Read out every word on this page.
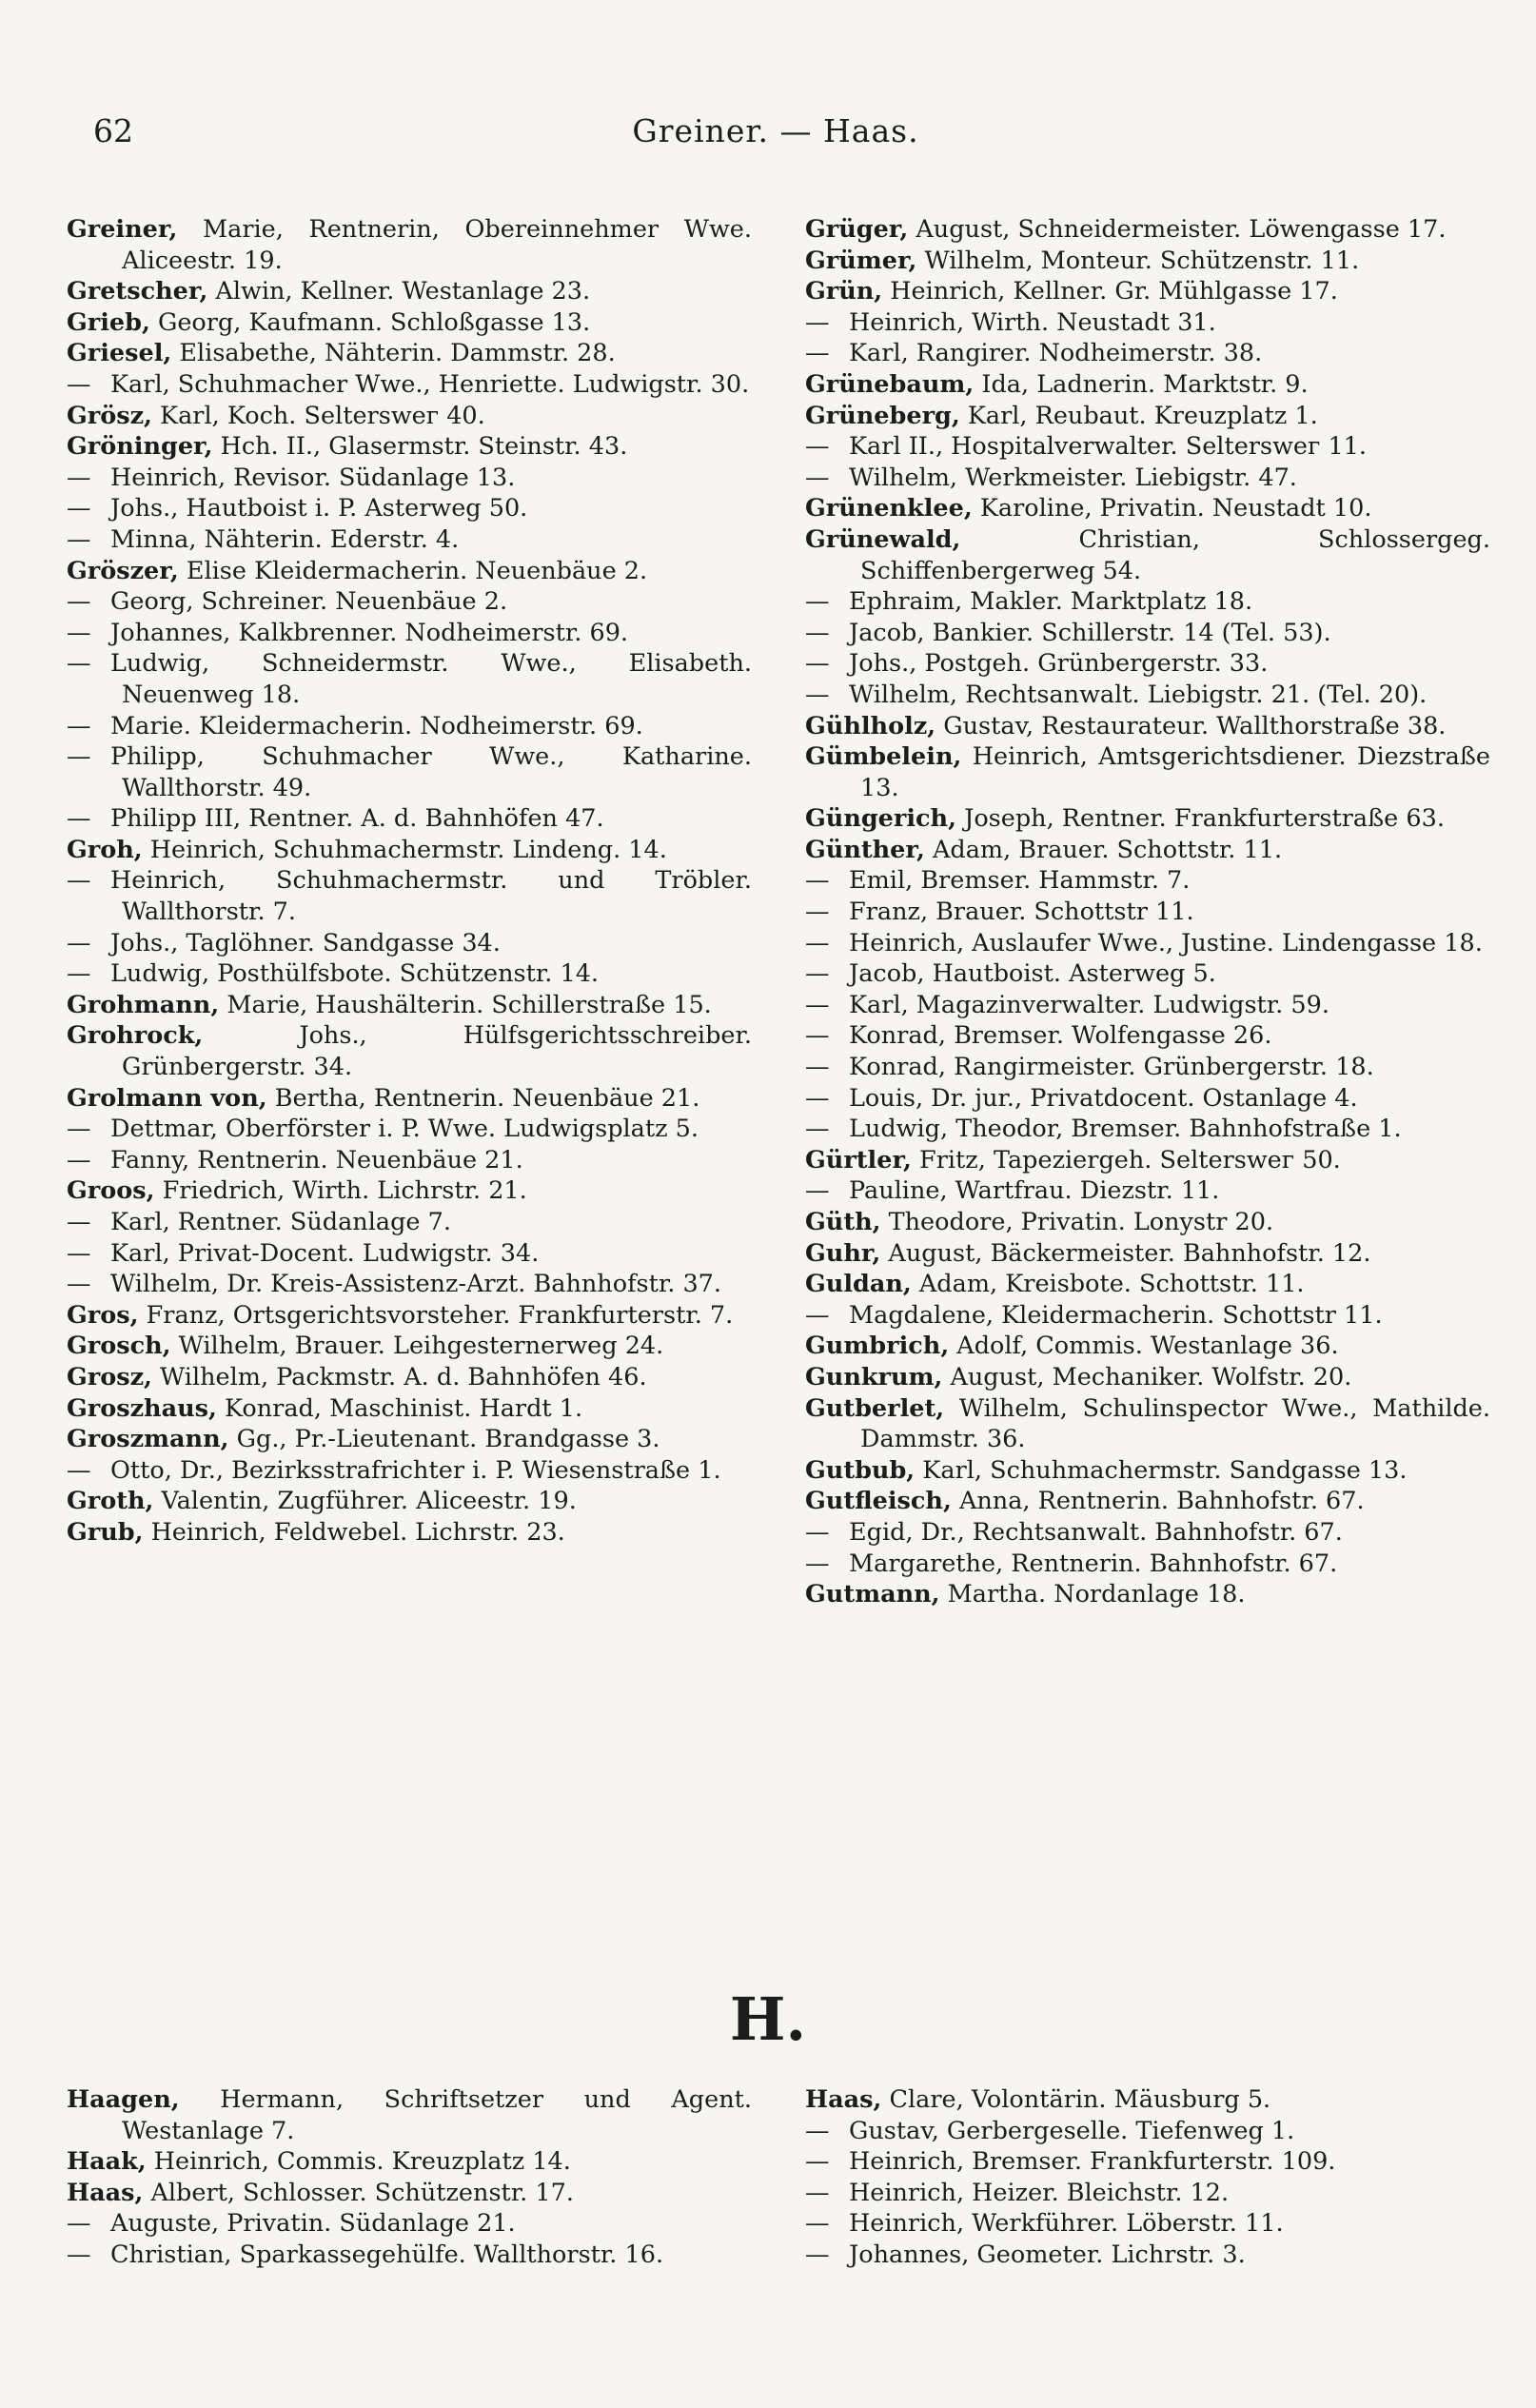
62	Greiner. — Haas.
Greiner, Marie, Rentnerin, Obereinnehmer Wwe. Aliceestr. 19.
Gretscher, Alwin, Kellner. Westanlage 23.
Grieb, Georg, Kaufmann. Schloßgasse 13.
Griesel, Elisabethe, Nähterin. Dammstr. 28.
— Karl, Schuhmacher Wwe., Henriette. Ludwigstr. 30.
Grösz, Karl, Koch. Selterswег 40.
Gröninger, Hch. II., Glasermstr. Steinstr. 43.
— Heinrich, Revisor. Südanlage 13.
— Johs., Hautboist i. P. Asterweg 50.
— Minna, Nähterin. Ederstr. 4.
Gröszer, Elise Kleidermacherin. Neuenbäue 2.
— Georg, Schreiner. Neuenbäue 2.
— Johannes, Kalkbrenner. Nodheimerstr. 69.
— Ludwig, Schneidermstr. Wwe., Elisabeth. Neuenweg 18.
— Marie. Kleidermacherin. Nodheimerstr. 69.
— Philipp, Schuhmacher Wwe., Katharine. Wallthorstr. 49.
— Philipp III, Rentner. A. d. Bahnhöfen 47.
Groh, Heinrich, Schuhmachermstr. Lindeng. 14.
— Heinrich, Schuhmachermstr. und Tröbler. Wallthorstr. 7.
— Johs., Taglöhner. Sandgasse 34.
— Ludwig, Posthülfsbote. Schützenstr. 14.
Grohmann, Marie, Haushälterin. Schillerstraße 15.
Grohrock, Johs., Hülfsgerichtsschreiber. Grünbergerstr. 34.
Grolmann von, Bertha, Rentnerin. Neuenbäue 21.
— Dettmar, Oberförster i. P. Wwe. Ludwigsplatz 5.
— Fanny, Rentnerin. Neuenbäue 21.
Groos, Friedrich, Wirth. Lichrstr. 21.
— Karl, Rentner. Südanlage 7.
— Karl, Privat-Docent. Ludwigstr. 34.
— Wilhelm, Dr. Kreis-Assistenz-Arzt. Bahnhofstr. 37.
Gros, Franz, Ortsgerichtsvorsteher. Frankfurterstr. 7.
Grosch, Wilhelm, Brauer. Leihgesternerweg 24.
Grosz, Wilhelm, Packmstr. A. d. Bahnhöfen 46.
Groszhaus, Konrad, Maschinist. Hardt 1.
Groszmann, Gg., Pr.-Lieutenant. Brandgasse 3.
— Otto, Dr., Bezirksstrafrichter i. P. Wiesenstraße 1.
Groth, Valentin, Zugführer. Aliceestr. 19.
Grub, Heinrich, Feldwebel. Lichrstr. 23.
Grüger, August, Schneidermeister. Löwengasse 17.
Grümer, Wilhelm, Monteur. Schützenstr. 11.
Grün, Heinrich, Kellner. Gr. Mühlgasse 17.
— Heinrich, Wirth. Neustadt 31.
— Karl, Rangirer. Nodheimerstr. 38.
Grünebaum, Ida, Ladnerin. Marktstr. 9.
Grüneberg, Karl, Reubaut. Kreuzplatz 1.
— Karl II., Hospitalverwalter. Selterswег 11.
— Wilhelm, Werkmeister. Liebigstr. 47.
Grünenklee, Karoline, Privatin. Neustadt 10.
Grünewald, Christian, Schlossergeg. Schiffenbergerweg 54.
— Ephraim, Makler. Marktplatz 18.
— Jacob, Bankier. Schillerstr. 14 (Tel. 53).
— Johs., Postgeh. Grünbergerstr. 33.
— Wilhelm, Rechtsanwalt. Liebigstr. 21. (Tel. 20).
Gühlholz, Gustav, Restaurateur. Wallthorstraße 38.
Gümbelein, Heinrich, Amtsgerichtsdiener. Diezstraße 13.
Güngerich, Joseph, Rentner. Frankfurterstraße 63.
Günther, Adam, Brauer. Schottstr. 11.
— Emil, Bremser. Hammstr. 7.
— Franz, Brauer. Schottstr 11.
— Heinrich, Auslaufer Wwe., Justine. Lindengasse 18.
— Jacob, Hautboist. Asterweg 5.
— Karl, Magazinverwalter. Ludwigstr. 59.
— Konrad, Bremser. Wolfengasse 26.
— Konrad, Rangirmeister. Grünbergerstr. 18.
— Louis, Dr. jur., Privatdocent. Ostanlage 4.
— Ludwig, Theodor, Bremser. Bahnhofstraße 1.
Gürtler, Fritz, Tapeziergeh. Selterswег 50.
— Pauline, Wartfrau. Diezstr. 11.
Güth, Theodore, Privatin. Lonystr 20.
Guhr, August, Bäckermeister. Bahnhofstr. 12.
Guldan, Adam, Kreisbote. Schottstr. 11.
— Magdalene, Kleidermacherin. Schottstr 11.
Gumbrich, Adolf, Commis. Westanlage 36.
Gunkrum, August, Mechaniker. Wolfstr. 20.
Gutberlet, Wilhelm, Schulinspector Wwe., Mathilde. Dammstr. 36.
Gutbub, Karl, Schuhmachermstr. Sandgasse 13.
Gutfleisch, Anna, Rentnerin. Bahnhofstr. 67.
— Egid, Dr., Rechtsanwalt. Bahnhofstr. 67.
— Margarethe, Rentnerin. Bahnhofstr. 67.
Gutmann, Martha. Nordanlage 18.
H.
Haagen, Hermann, Schriftsetzer und Agent. Westanlage 7.
Haak, Heinrich, Commis. Kreuzplatz 14.
Haas, Albert, Schlosser. Schützenstr. 17.
— Auguste, Privatin. Südanlage 21.
— Christian, Sparkassegehülfe. Wallthorstr. 16.
Haas, Clare, Volontärin. Mäusburg 5.
— Gustav, Gerbergeselle. Tiefenweg 1.
— Heinrich, Bremser. Frankfurterstr. 109.
— Heinrich, Heizer. Bleichstr. 12.
— Heinrich, Werkführer. Löberstr. 11.
— Johannes, Geometer. Lichrstr. 3.
